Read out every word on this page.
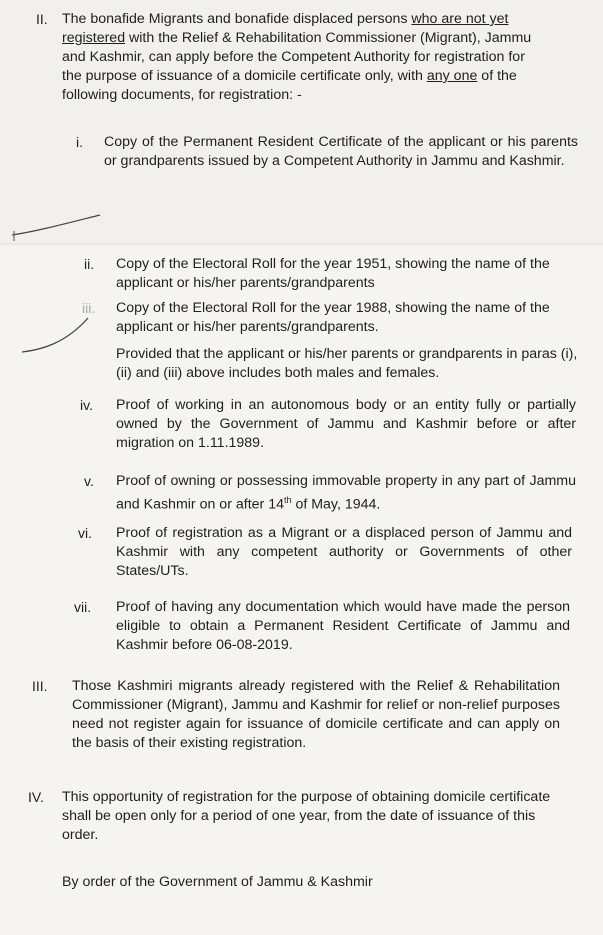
II. The bonafide Migrants and bonafide displaced persons who are not yet
registered with the Relief & Rehabilitation Commissioner (Migrant), Jammu
and Kashmir, can apply before the Competent Authority for registration for
the purpose of issuance of a domicile certificate only, with any one of the
following documents, for registration: -
i. Copy of the Permanent Resident Certificate of the applicant or his parents or grandparents issued by a Competent Authority in Jammu and Kashmir.
ii. Copy of the Electoral Roll for the year 1951, showing the name of the applicant or his/her parents/grandparents
iii. Copy of the Electoral Roll for the year 1988, showing the name of the applicant or his/her parents/grandparents.
Provided that the applicant or his/her parents or grandparents in paras (i), (ii) and (iii) above includes both males and females.
iv. Proof of working in an autonomous body or an entity fully or partially owned by the Government of Jammu and Kashmir before or after migration on 1.11.1989.
v. Proof of owning or possessing immovable property in any part of Jammu and Kashmir on or after 14th of May, 1944.
vi. Proof of registration as a Migrant or a displaced person of Jammu and Kashmir with any competent authority or Governments of other States/UTs.
vii. Proof of having any documentation which would have made the person eligible to obtain a Permanent Resident Certificate of Jammu and Kashmir before 06-08-2019.
III. Those Kashmiri migrants already registered with the Relief & Rehabilitation Commissioner (Migrant), Jammu and Kashmir for relief or non-relief purposes need not register again for issuance of domicile certificate and can apply on the basis of their existing registration.
IV. This opportunity of registration for the purpose of obtaining domicile certificate shall be open only for a period of one year, from the date of issuance of this order.
By order of the Government of Jammu & Kashmir
